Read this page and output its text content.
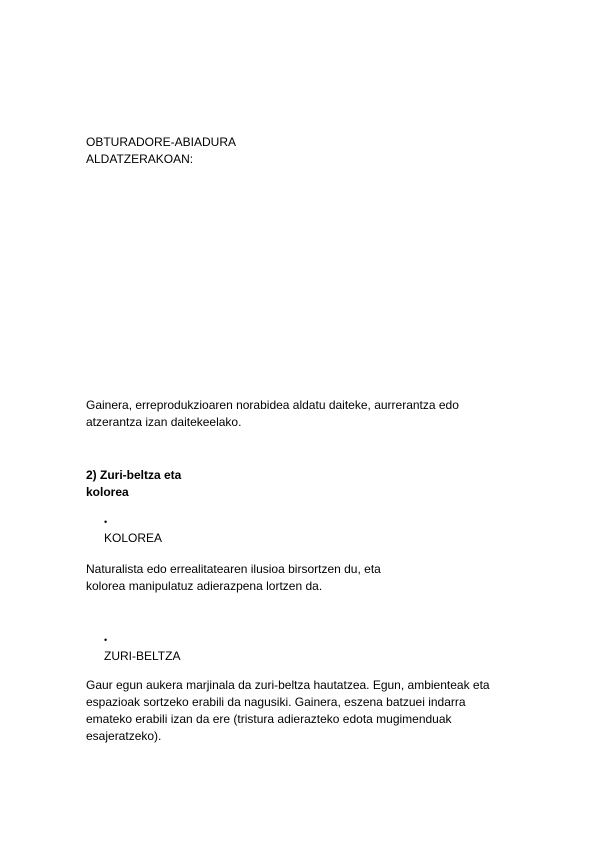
OBTURADORE-ABIADURA
ALDATZERAKOAN:
Gainera, erreprodukzioaren norabidea aldatu daiteke, aurrerantza edo
atzerantza izan daitekeelako.
2) Zuri-beltza eta
kolorea
•

KOLOREA

Naturalista edo errealitatearen ilusioa birsortzen du, eta
kolorea manipulatuz adierazpena lortzen da.
•

ZURI-BELTZA

Gaur egun aukera marjinala da zuri-beltza hautatzea. Egun, ambienteak eta
espazioak sortzeko erabili da nagusiki. Gainera, eszena batzuei indarra
emateko erabili izan da ere (tristura adierazteko edota mugimenduak
esajeratzeko).
